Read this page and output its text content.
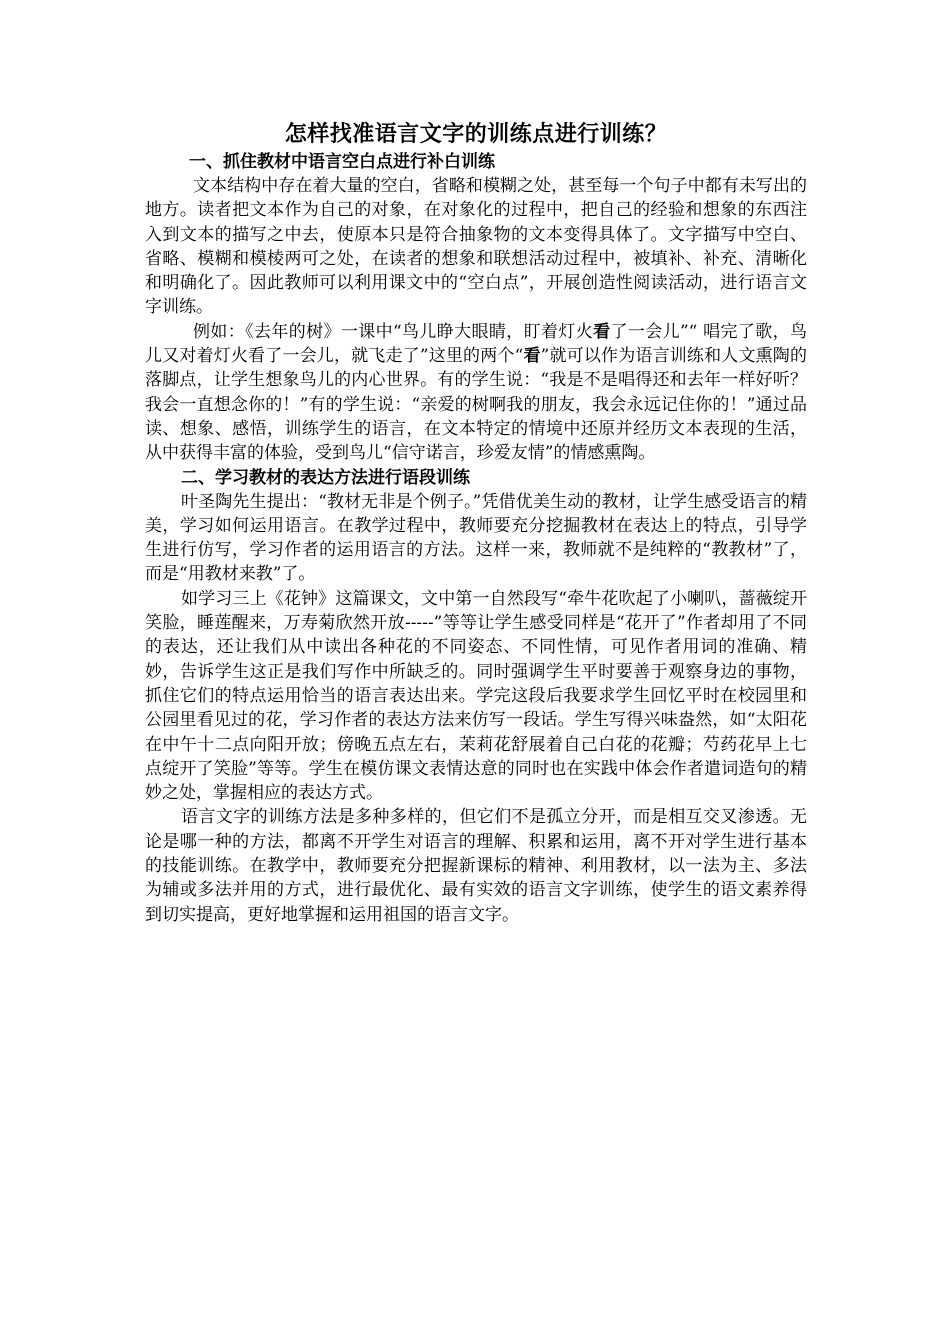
怎样找准语言文字的训练点进行训练？
一、抓住教材中语言空白点进行补白训练

文本结构中存在着大量的空白，省略和模糊之处，甚至每一个句子中都有未写出的地方。读者把文本作为自己的对象，在对象化的过程中，把自己的经验和想象的东西注入到文本的描写之中去，使原本只是符合抽象物的文本变得具体了。文字描写中空白、省略、模糊和模棱两可之处，在读者的想象和联想活动过程中，被填补、补充、清晰化和明确化了。因此教师可以利用课文中的“空白点”，开展创造性阅读活动，进行语言文字训练。

例如：《去年的树》一课中“鸟儿睁大眼睛，盯着灯火看了一会儿”“ 唱完了歌，鸟儿又对着灯火看了一会儿，就飞走了”这里的两个“看”就可以作为语言训练和人文熏陶的落脚点，让学生想象鸟儿的内心世界。有的学生说：“我是不是唱得还和去年一样好听？我会一直想念你的！”有的学生说：“亲爱的树啊我的朋友，我会永远记住你的！”通过品读、想象、感悟，训练学生的语言，在文本特定的情境中还原并经历文本表现的生活，从中获得丰富的体验，受到鸟儿“信守诺言，珍爱友情”的情感熏陶。

二、学习教材的表达方法进行语段训练

叶圣陶先生提出：“教材无非是个例子。”凭借优美生动的教材，让学生感受语言的精美，学习如何运用语言。在教学过程中，教师要充分挖掘教材在表达上的特点，引导学生进行仿写，学习作者的运用语言的方法。这样一来，教师就不是纯粹的“教教材”了，而是“用教材来教”了。

如学习三上《花钟》这篇课文，文中第一自然段写“牵牛花吹起了小喇叭，蔷薇绽开笑脸，睡莲醒来，万寿菊欣然开放-----”等等让学生感受同样是“花开了”作者却用了不同的表达，还让我们从中读出各种花的不同姿态、不同性情，可见作者用词的准确、精妙，告诉学生这正是我们写作中所缺乏的。同时强调学生平时要善于观察身边的事物，抓住它们的特点运用恰当的语言表达出来。学完这段后我要求学生回忆平时在校园里和公园里看见过的花，学习作者的表达方法来仿写一段话。学生写得兴味盎然，如“太阳花在中午十二点向阳开放；傍晚五点左右，茉莉花舒展着自己白花的花瓣；芍药花早上七点绽开了笑脸”等等。学生在模仿课文表情达意的同时也在实践中体会作者遣词造句的精妙之处，掌握相应的表达方式。

语言文字的训练方法是多种多样的，但它们不是孤立分开，而是相互交叉渗透。无论是哪一种的方法，都离不开学生对语言的理解、积累和运用，离不开对学生进行基本的技能训练。在教学中，教师要充分把握新课标的精神、利用教材，以一法为主、多法为辅或多法并用的方式，进行最优化、最有实效的语言文字训练，使学生的语文素养得到切实提高，更好地掌握和运用祖国的语言文字。
